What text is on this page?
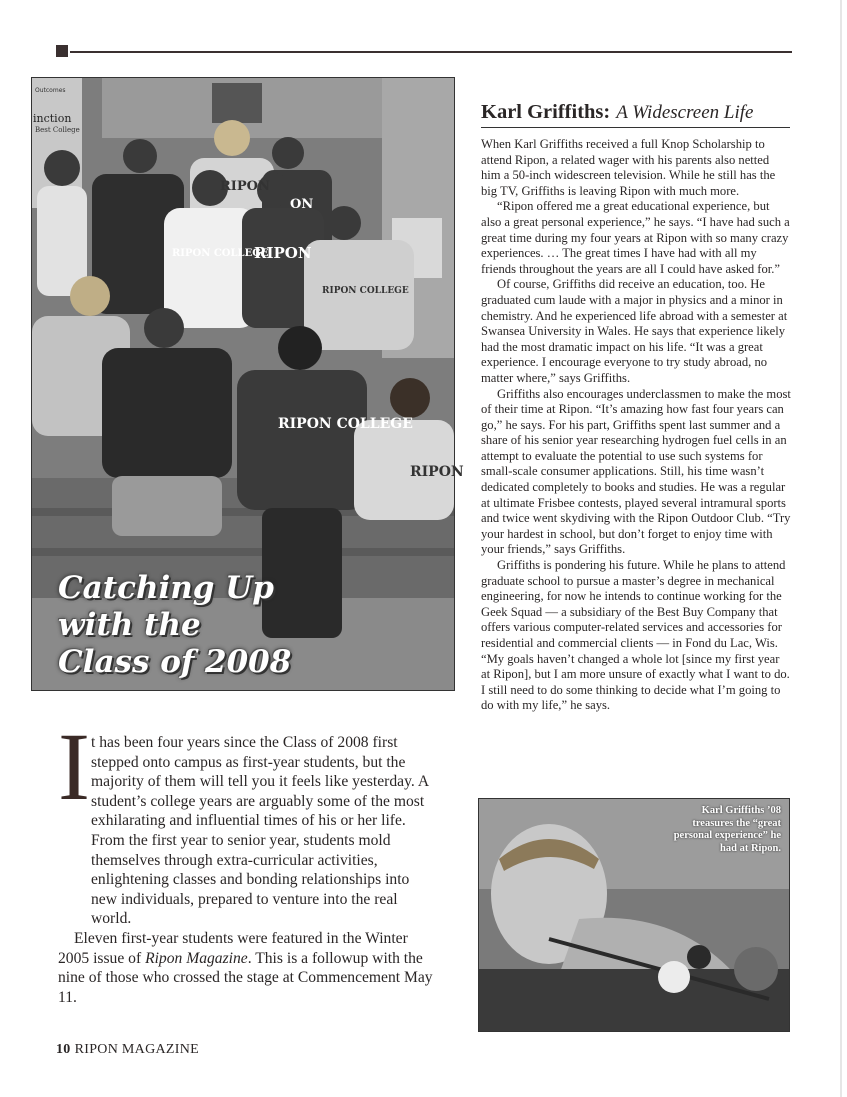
Outcomes
inction
Best College
RIPON COLLEGE
RIPON
RIPON
RIPON COLLEGE
RIPON COLLEGE
RIPON
ON
Catching Up
with the
Class of 2008
I t has been four years since the Class of 2008 first stepped onto campus as first-year students, but the majority of them will tell you it feels like yesterday. A student’s college years are arguably some of the most exhilarating and influential times of his or her life. From the first year to senior year, students mold themselves through extra-curricular activities, enlightening classes and bonding relationships into new individuals, prepared to venture into the real world.

Eleven first-year students were featured in the Winter 2005 issue of Ripon Magazine. This is a followup with the nine of those who crossed the stage at Commencement May 11.

Karl Griffiths: A Widescreen Life

When Karl Griffiths received a full Knop Scholarship to attend Ripon, a related wager with his parents also netted him a 50-inch widescreen television. While he still has the big TV, Griffiths is leaving Ripon with much more.

“Ripon offered me a great educational experience, but also a great personal experience,” he says. “I have had such a great time during my four years at Ripon with so many crazy experiences. … The great times I have had with all my friends throughout the years are all I could have asked for.”

Of course, Griffiths did receive an education, too. He graduated cum laude with a major in physics and a minor in chemistry. And he experienced life abroad with a semester at Swansea University in Wales. He says that experience likely had the most dramatic impact on his life. “It was a great experience. I encourage everyone to try study abroad, no matter where,” says Griffiths.

Griffiths also encourages underclassmen to make the most of their time at Ripon. “It’s amazing how fast four years can go,” he says. For his part, Griffiths spent last summer and a share of his senior year researching hydrogen fuel cells in an attempt to evaluate the potential to use such systems for small-scale consumer applications. Still, his time wasn’t dedicated completely to books and studies. He was a regular at ultimate Frisbee contests, played several intramural sports and twice went skydiving with the Ripon Outdoor Club. “Try your hardest in school, but don’t forget to enjoy time with your friends,” says Griffiths.

Griffiths is pondering his future. While he plans to attend graduate school to pursue a master’s degree in mechanical engineering, for now he intends to continue working for the Geek Squad — a subsidiary of the Best Buy Company that offers various computer-related services and accessories for residential and commercial clients — in Fond du Lac, Wis. “My goals haven’t changed a whole lot [since my first year at Ripon], but I am more unsure of exactly what I want to do. I still need to do some thinking to decide what I’m going to do with my life,” he says.

Karl Griffiths ’08 treasures the “great personal experience” he had at Ripon.

10 RIPON MAGAZINE
